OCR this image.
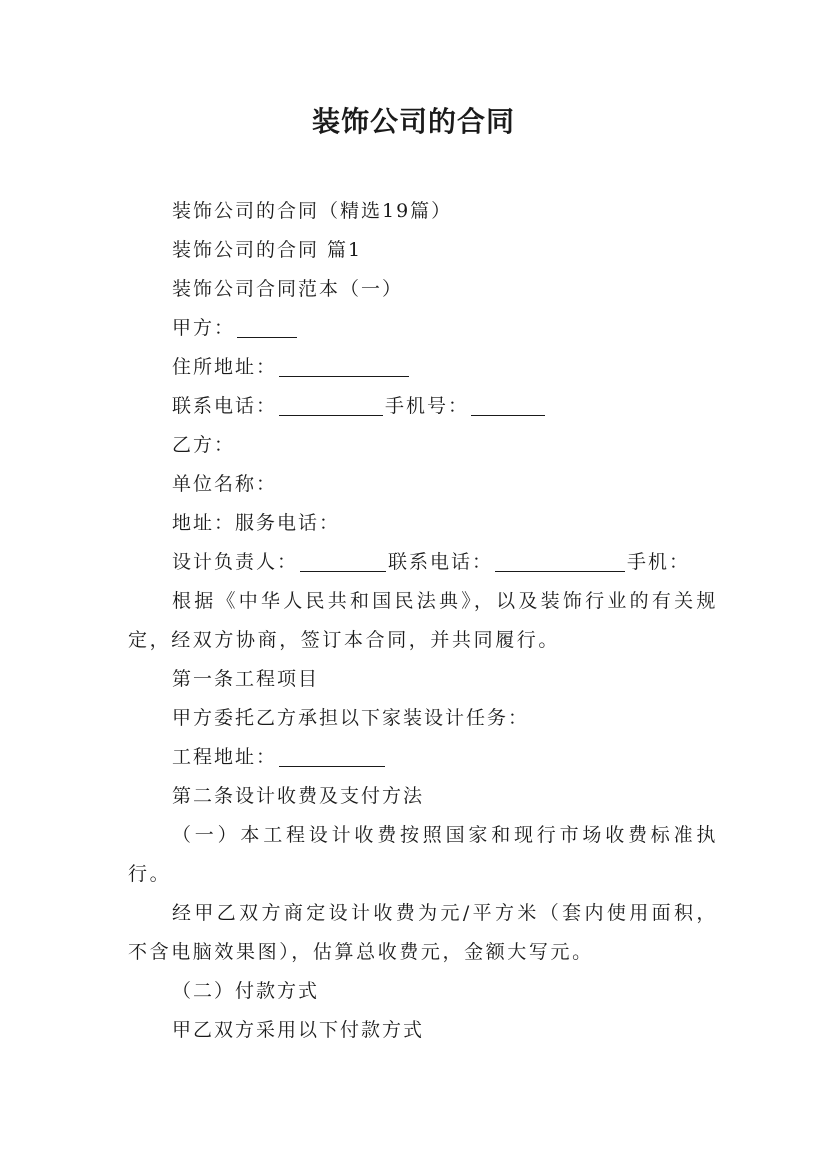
装饰公司的合同
装饰公司的合同（精选19篇）
装饰公司的合同 篇1
装饰公司合同范本（一）
甲方：
住所地址：
联系电话：	手机号：
乙方：
单位名称：
地址：服务电话：
设计负责人：	联系电话：	手机：
根据《中华人民共和国民法典》，以及装饰行业的有关规定，经双方协商，签订本合同，并共同履行。
第一条工程项目
甲方委托乙方承担以下家装设计任务：
工程地址：
第二条设计收费及支付方法
（一）本工程设计收费按照国家和现行市场收费标准执行。
经甲乙双方商定设计收费为元/平方米（套内使用面积，不含电脑效果图），估算总收费元，金额大写元。
（二）付款方式
甲乙双方采用以下付款方式
